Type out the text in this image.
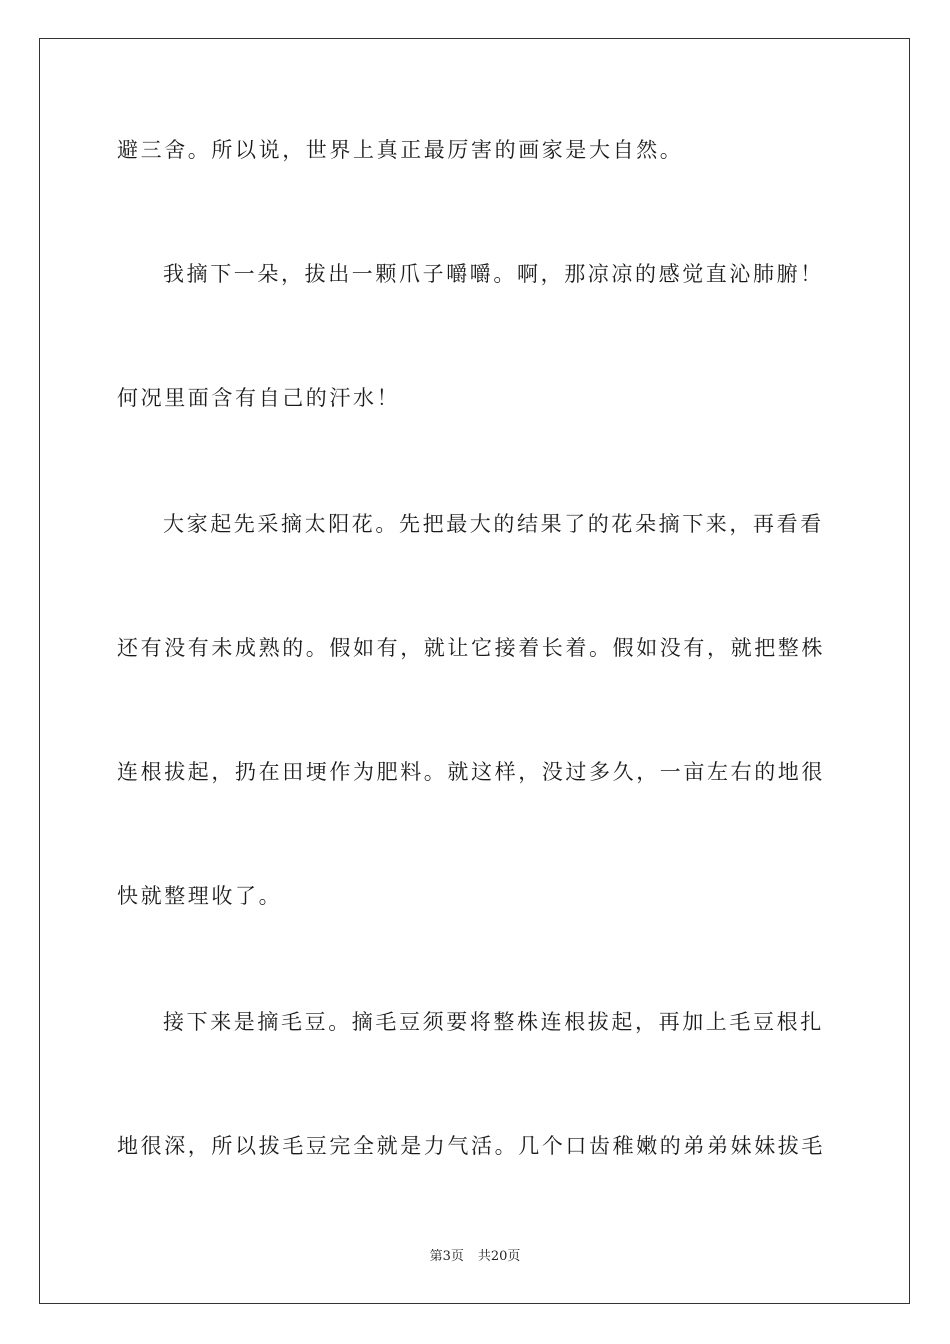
避三舍。所以说，世界上真正最厉害的画家是大自然。
我摘下一朵，拔出一颗爪子嚼嚼。啊，那凉凉的感觉直沁肺腑！
何况里面含有自己的汗水！
大家起先采摘太阳花。先把最大的结果了的花朵摘下来，再看看
还有没有未成熟的。假如有，就让它接着长着。假如没有，就把整株
连根拔起，扔在田埂作为肥料。就这样，没过多久，一亩左右的地很
快就整理收了。
接下来是摘毛豆。摘毛豆须要将整株连根拔起，再加上毛豆根扎
地很深，所以拔毛豆完全就是力气活。几个口齿稚嫩的弟弟妹妹拔毛
第3页 共20页
